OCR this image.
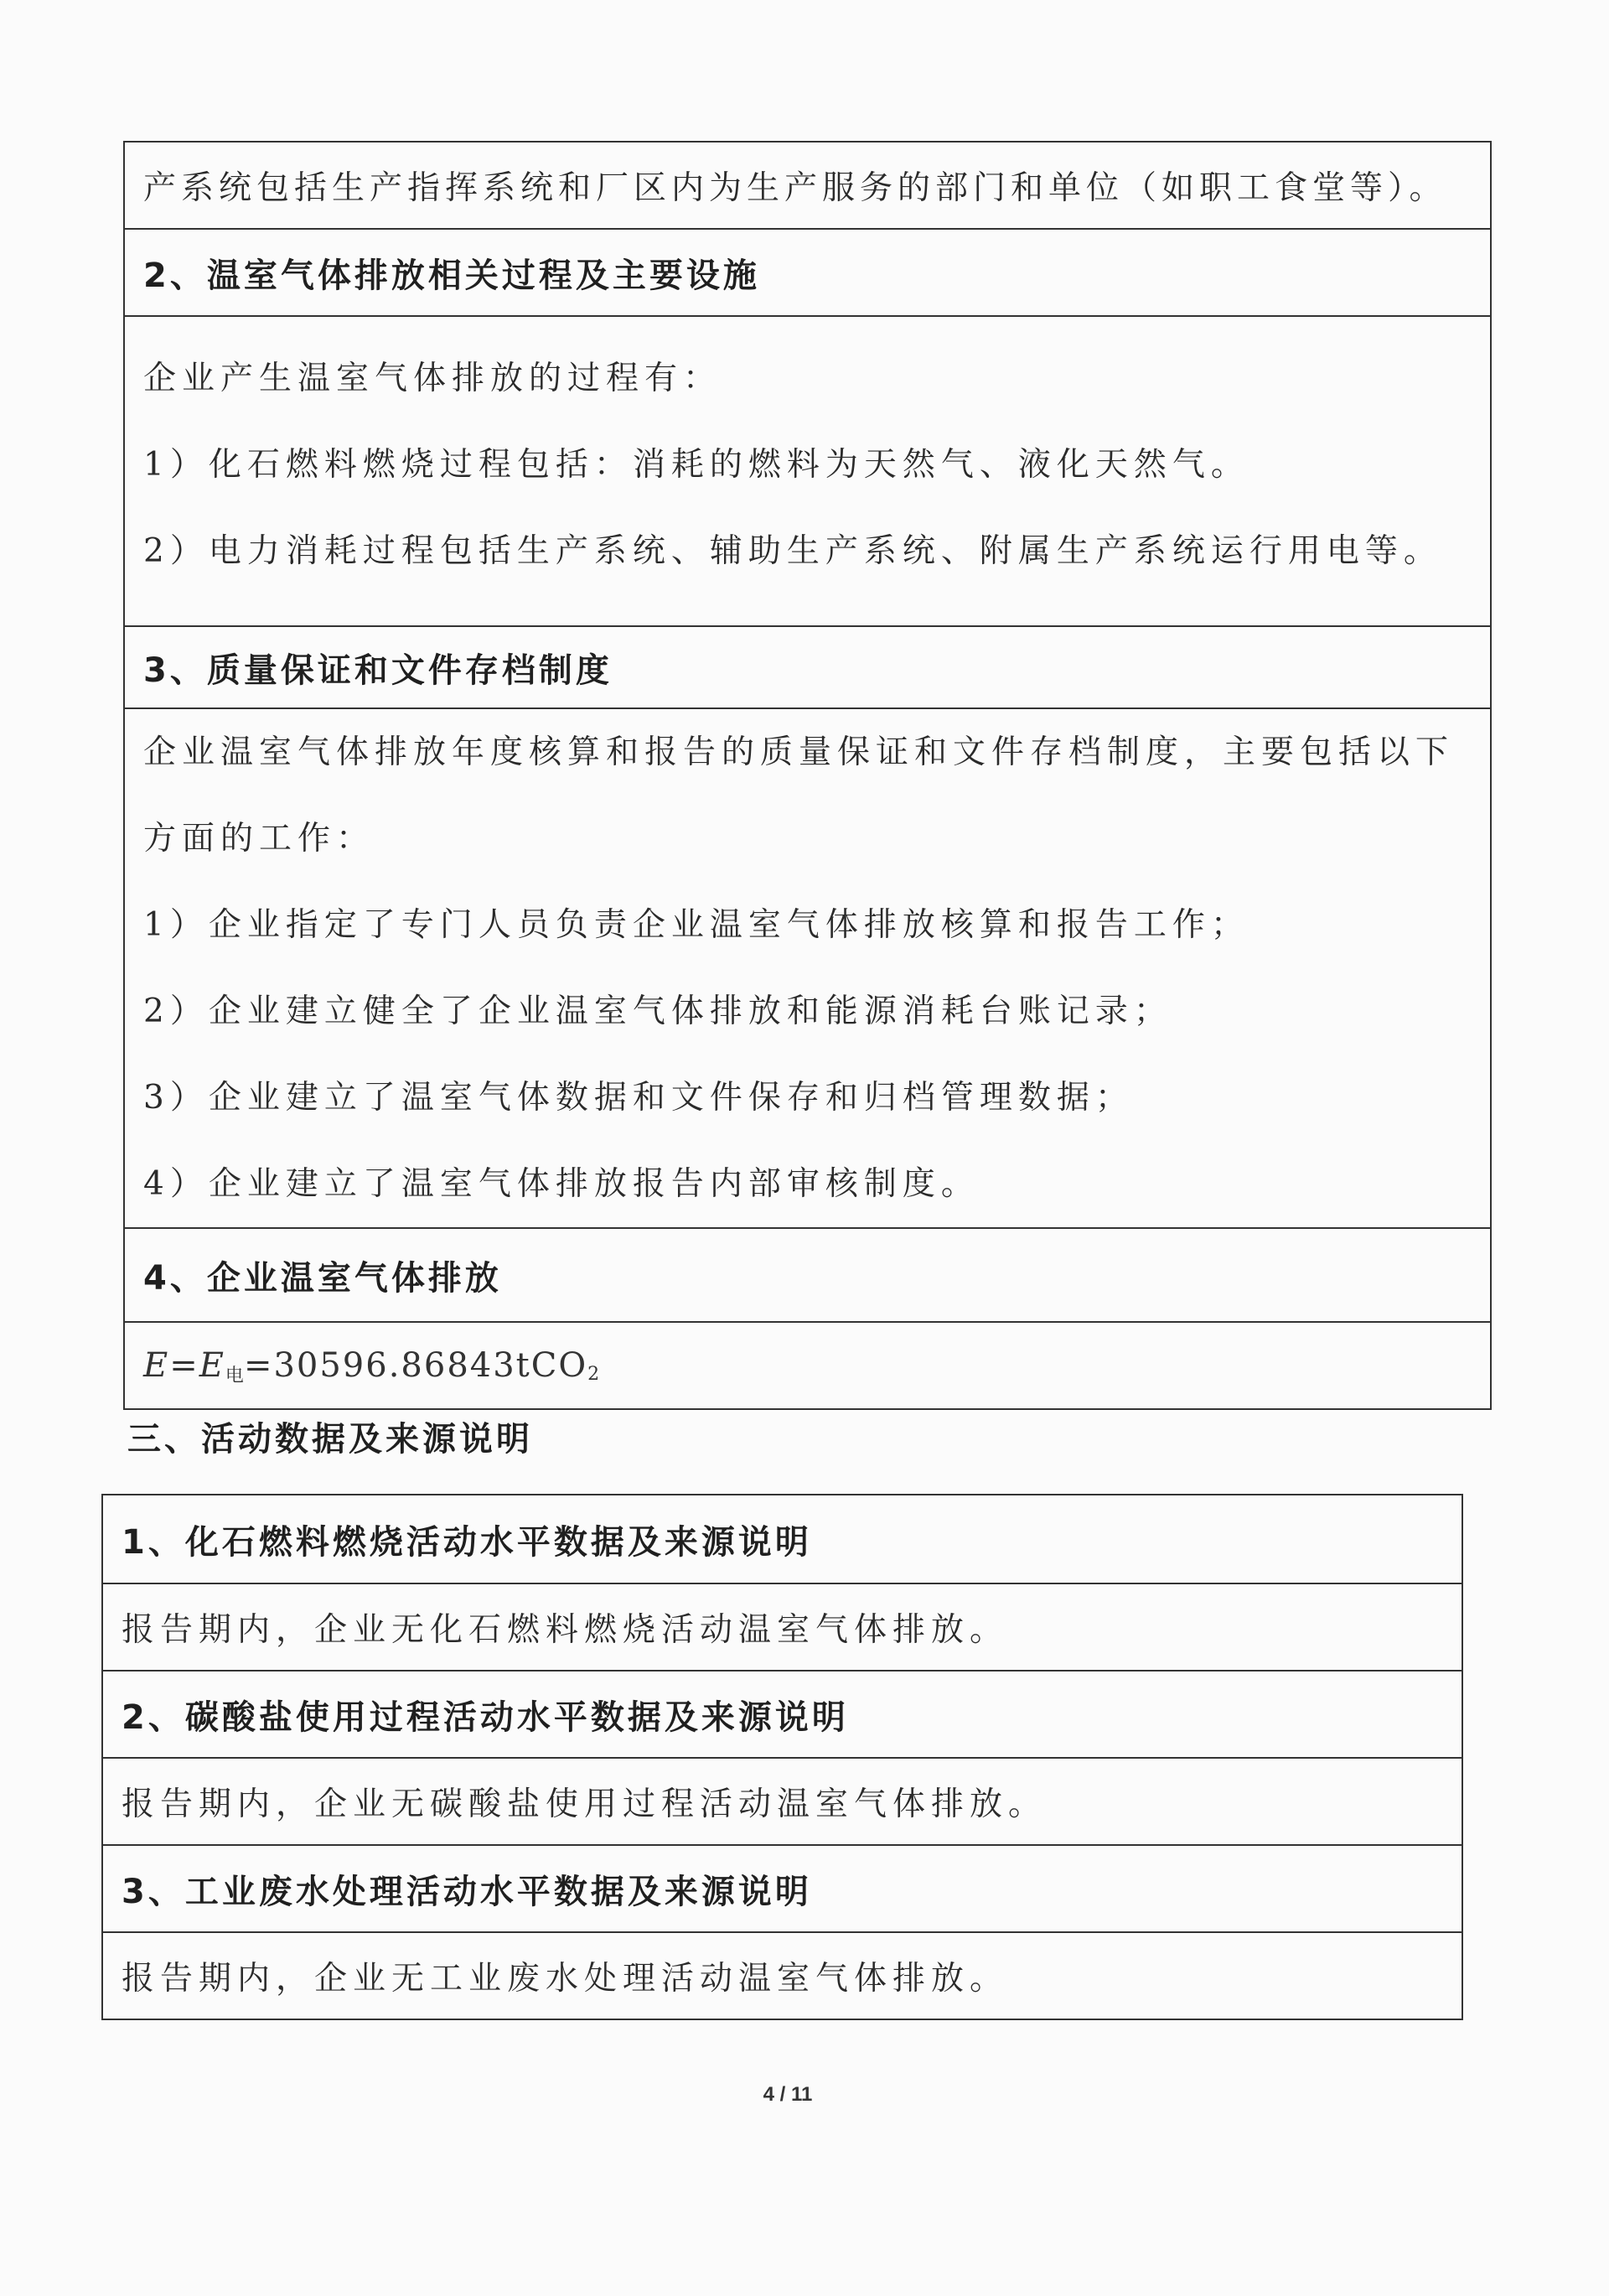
产系统包括生产指挥系统和厂区内为生产服务的部门和单位（如职工食堂等）。
2、温室气体排放相关过程及主要设施

企业产生温室气体排放的过程有：

1）化石燃料燃烧过程包括：消耗的燃料为天然气、液化天然气。

2）电力消耗过程包括生产系统、辅助生产系统、附属生产系统运行用电等。

3、质量保证和文件存档制度

企业温室气体排放年度核算和报告的质量保证和文件存档制度，主要包括以下

方面的工作：

1）企业指定了专门人员负责企业温室气体排放核算和报告工作；

2）企业建立健全了企业温室气体排放和能源消耗台账记录；

3）企业建立了温室气体数据和文件保存和归档管理数据；

4）企业建立了温室气体排放报告内部审核制度。

4、企业温室气体排放
E = E 电 =30596.86843tCO 2
三、活动数据及来源说明
1、化石燃料燃烧活动水平数据及来源说明
报告期内，企业无化石燃料燃烧活动温室气体排放。
2、碳酸盐使用过程活动水平数据及来源说明
报告期内，企业无碳酸盐使用过程活动温室气体排放。
3、工业废水处理活动水平数据及来源说明
报告期内，企业无工业废水处理活动温室气体排放。
4 / 11
